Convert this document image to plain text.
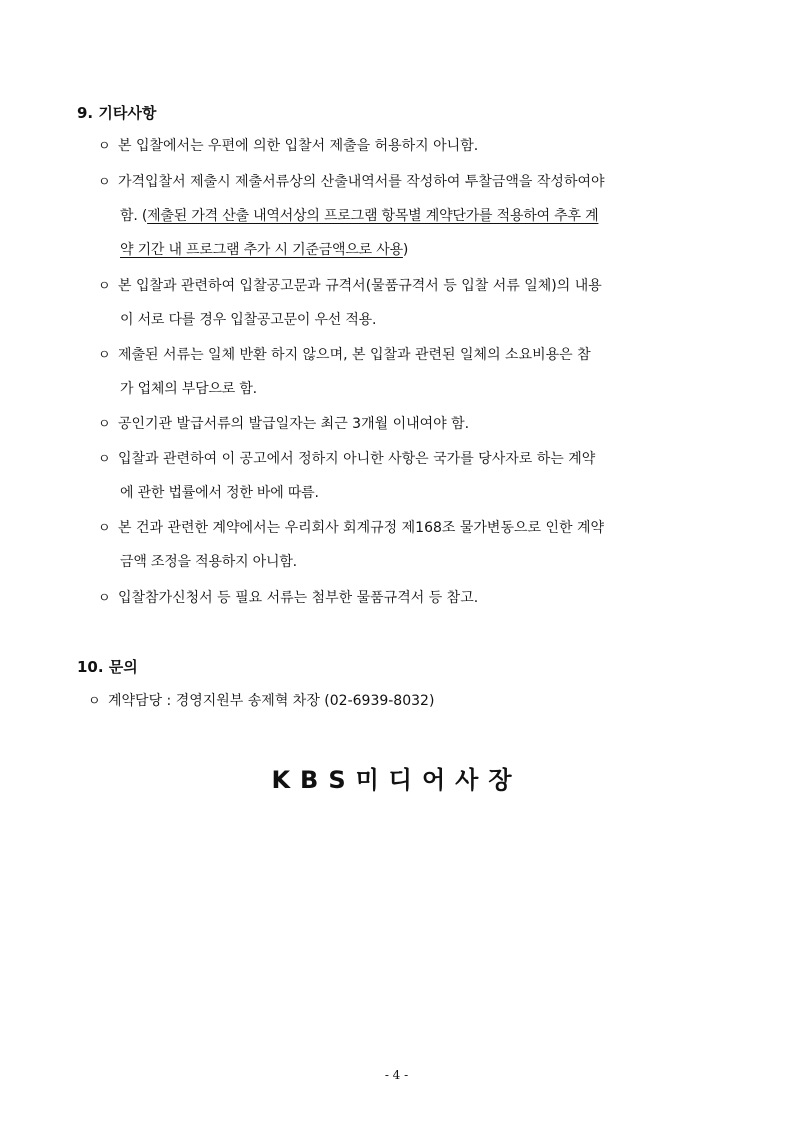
9. 기타사항
ㅇ 본 입찰에서는 우편에 의한 입찰서 제출을 허용하지 아니함.
ㅇ 가격입찰서 제출시 제출서류상의 산출내역서를 작성하여 투찰금액을 작성하여야
함. (제출된 가격 산출 내역서상의 프로그램 항목별 계약단가를 적용하여 추후 계
약 기간 내 프로그램 추가 시 기준금액으로 사용)
ㅇ 본 입찰과 관련하여 입찰공고문과 규격서(물품규격서 등 입찰 서류 일체)의 내용
이 서로 다를 경우 입찰공고문이 우선 적용.
ㅇ 제출된 서류는 일체 반환 하지 않으며, 본 입찰과 관련된 일체의 소요비용은 참
가 업체의 부담으로 함.
ㅇ 공인기관 발급서류의 발급일자는 최근 3개월 이내여야 함.
ㅇ 입찰과 관련하여 이 공고에서 정하지 아니한 사항은 국가를 당사자로 하는 계약
에 관한 법률에서 정한 바에 따름.
ㅇ 본 건과 관련한 계약에서는 우리회사 회계규정 제168조 물가변동으로 인한 계약
금액 조정을 적용하지 아니함.
ㅇ 입찰참가신청서 등 필요 서류는 첨부한 물품규격서 등 참고.
10. 문의
ㅇ 계약담당 : 경영지원부 송제혁 차장 (02-6939-8032)
KBS미디어사장
- 4 -
